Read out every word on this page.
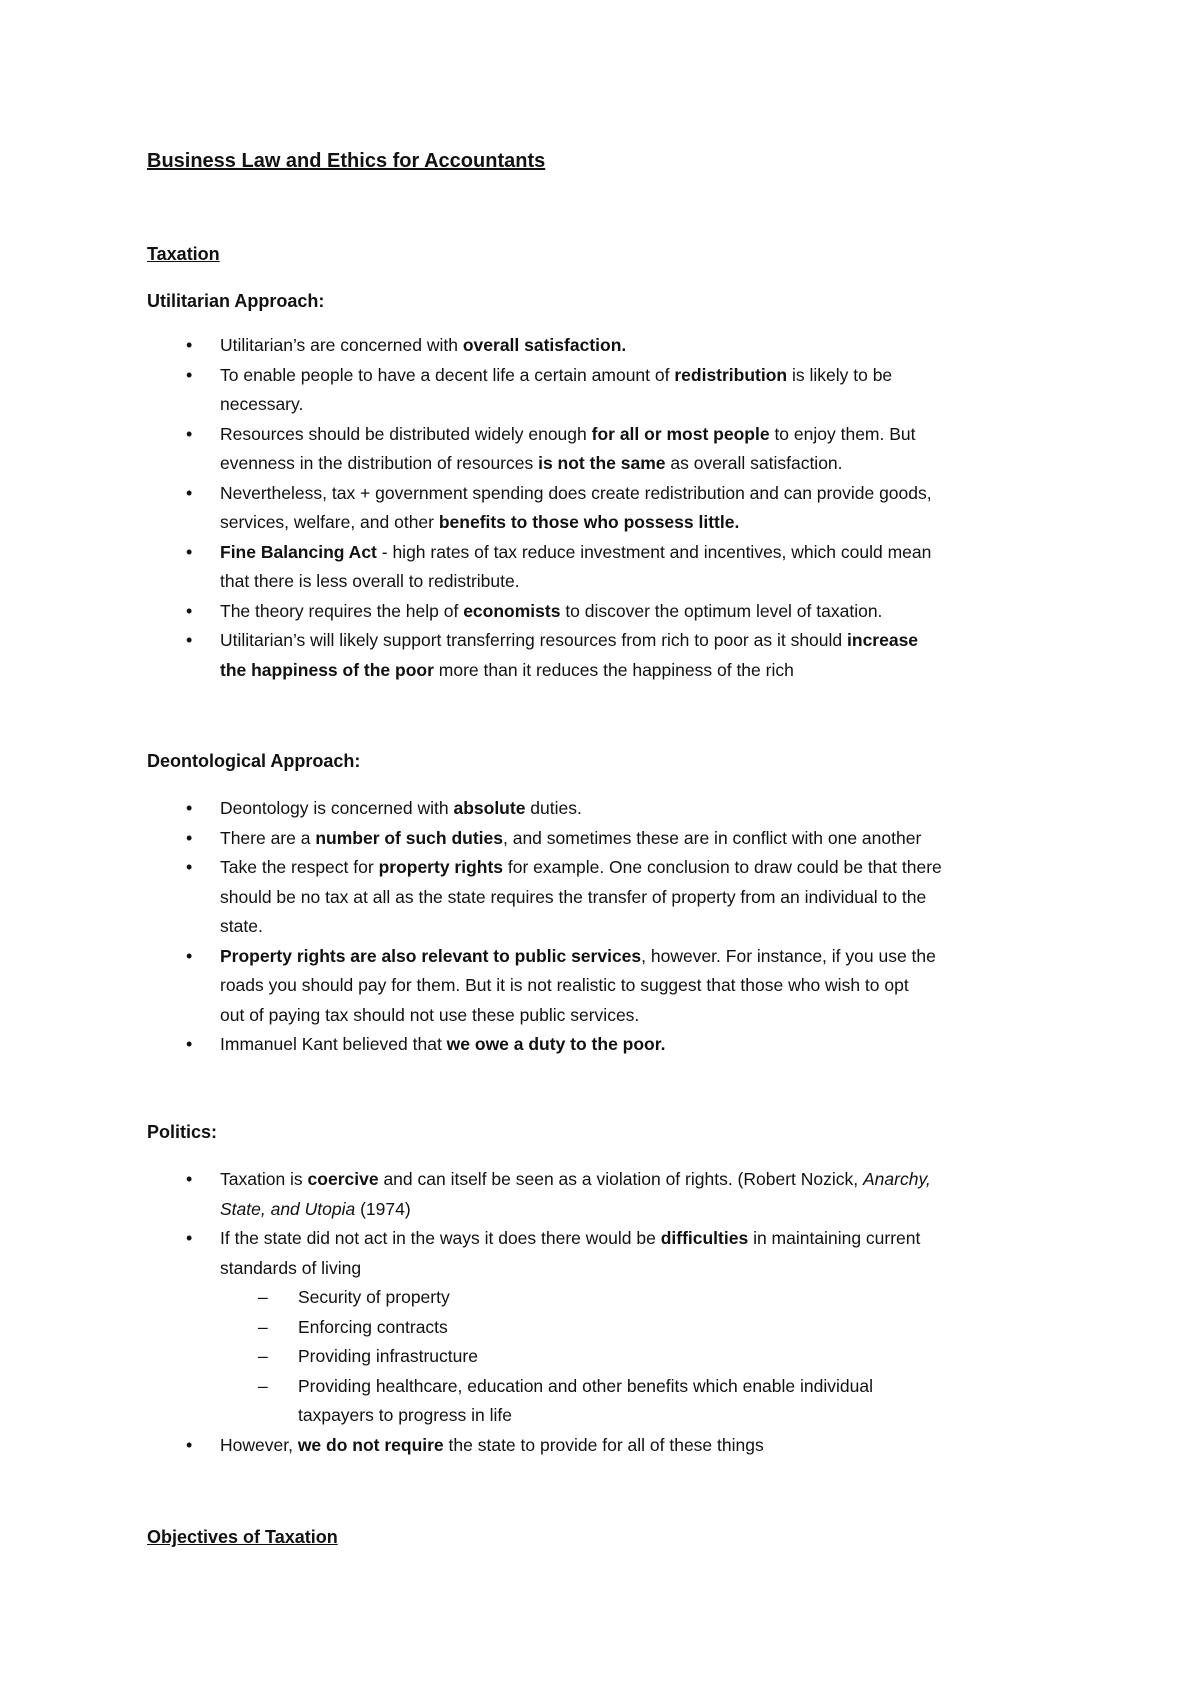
Business Law and Ethics for Accountants
Taxation
Utilitarian Approach:
• Utilitarian’s are concerned with overall satisfaction.
• To enable people to have a decent life a certain amount of redistribution is likely to be
necessary.
• Resources should be distributed widely enough for all or most people to enjoy them. But
evenness in the distribution of resources is not the same as overall satisfaction.
• Nevertheless, tax + government spending does create redistribution and can provide goods,
services, welfare, and other benefits to those who possess little.
• Fine Balancing Act - high rates of tax reduce investment and incentives, which could mean
that there is less overall to redistribute.
• The theory requires the help of economists to discover the optimum level of taxation.
• Utilitarian’s will likely support transferring resources from rich to poor as it should increase
the happiness of the poor more than it reduces the happiness of the rich
Deontological Approach:
• Deontology is concerned with absolute duties.
• There are a number of such duties, and sometimes these are in conflict with one another
• Take the respect for property rights for example. One conclusion to draw could be that there
should be no tax at all as the state requires the transfer of property from an individual to the
state.
• Property rights are also relevant to public services, however. For instance, if you use the
roads you should pay for them. But it is not realistic to suggest that those who wish to opt
out of paying tax should not use these public services.
• Immanuel Kant believed that we owe a duty to the poor.
Politics:
• Taxation is coercive and can itself be seen as a violation of rights. (Robert Nozick, Anarchy,
State, and Utopia (1974)
• If the state did not act in the ways it does there would be difficulties in maintaining current
standards of living
– Security of property
– Enforcing contracts
– Providing infrastructure
– Providing healthcare, education and other benefits which enable individual
taxpayers to progress in life
• However, we do not require the state to provide for all of these things
Objectives of Taxation
